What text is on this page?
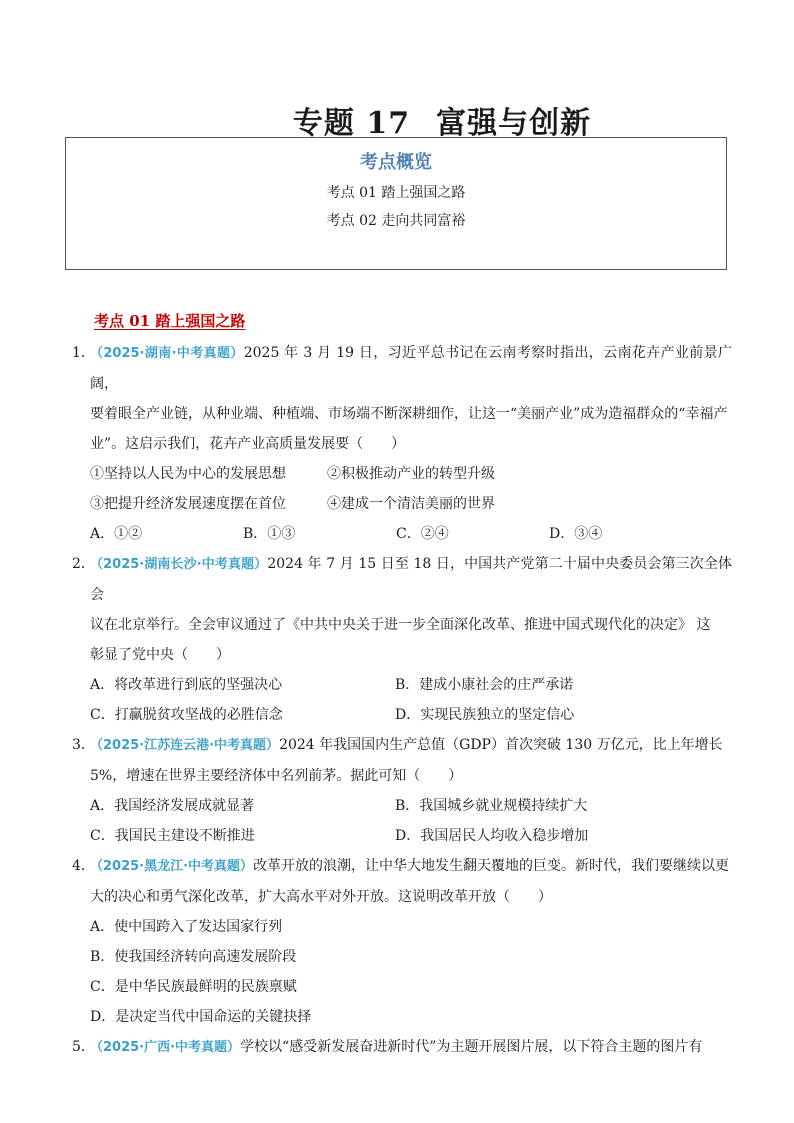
专题 17 富强与创新
考点概览
考点 01 踏上强国之路
考点 02 走向共同富裕
考点 01 踏上强国之路
1．
（2025·湖南·中考真题）2025 年 3 月 19 日，习近平总书记在云南考察时指出，云南花卉产业前景广阔，
要着眼全产业链，从种业端、种植端、市场端不断深耕细作，让这一“美丽产业”成为造福群众的“幸福产
业”。这启示我们，花卉产业高质量发展要（　　）
①坚持以人民为中心的发展思想	②积极推动产业的转型升级
③把提升经济发展速度摆在首位	④建成一个清洁美丽的世界
A．①②	B．①③	C．②④	D．③④
2．
（2025·湖南长沙·中考真题）2024 年 7 月 15 日至 18 日，中国共产党第二十届中央委员会第三次全体会
议在北京举行。全会审议通过了《中共中央关于进一步全面深化改革、推进中国式现代化的决定》 这
彰显了党中央（　　）
A．将改革进行到底的坚强决心	B．建成小康社会的庄严承诺
C．打赢脱贫攻坚战的必胜信念	D．实现民族独立的坚定信心
3．
（2025·江苏连云港·中考真题）2024 年我国国内生产总值（GDP）首次突破 130 万亿元，比上年增长
5%，增速在世界主要经济体中名列前茅。据此可知（　　）
A．我国经济发展成就显著	B．我国城乡就业规模持续扩大
C．我国民主建设不断推进	D．我国居民人均收入稳步增加
4．
（2025·黑龙江·中考真题）改革开放的浪潮，让中华大地发生翻天覆地的巨变。新时代，我们要继续以更
大的决心和勇气深化改革，扩大高水平对外开放。这说明改革开放（　　）
A．使中国跨入了发达国家行列
B．使我国经济转向高速发展阶段
C．是中华民族最鲜明的民族禀赋
D．是决定当代中国命运的关键抉择
5．
（2025·广西·中考真题）学校以“感受新发展奋进新时代”为主题开展图片展，以下符合主题的图片有
